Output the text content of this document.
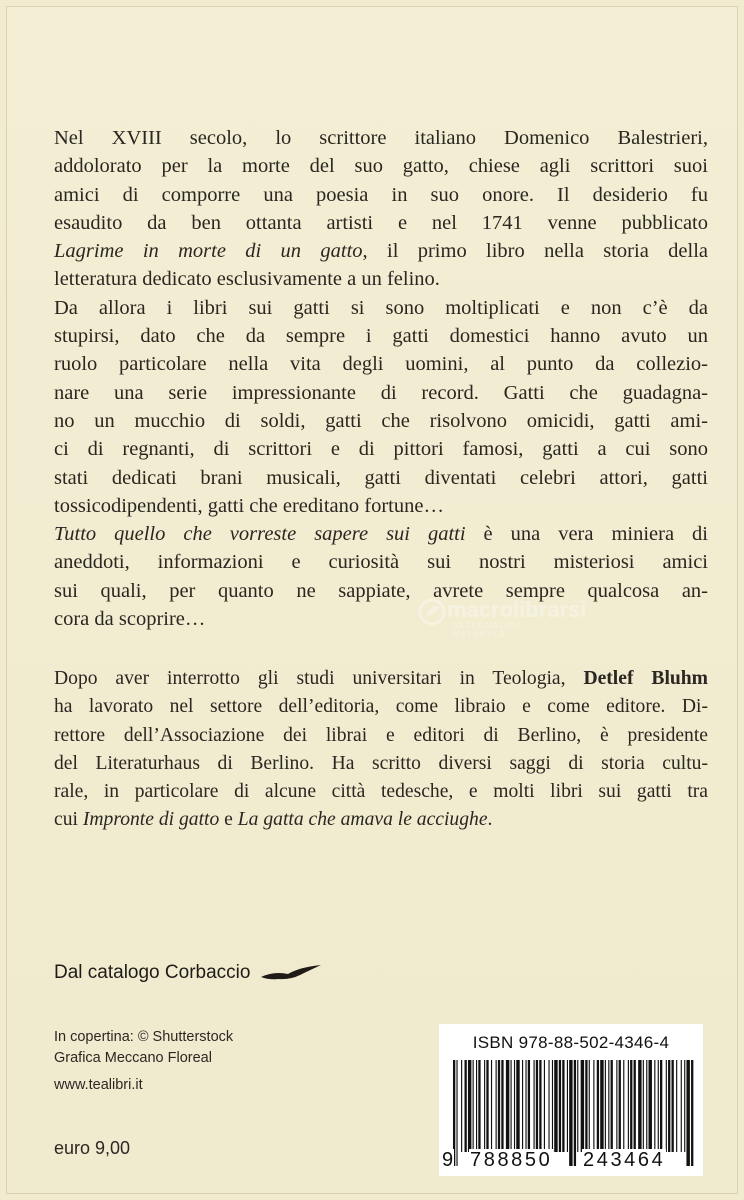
Nel XVIII secolo, lo scrittore italiano Domenico Balestrieri,
addolorato per la morte del suo gatto, chiese agli scrittori suoi
amici di comporre una poesia in suo onore. Il desiderio fu
esaudito da ben ottanta artisti e nel 1741 venne pubblicato
Lagrime in morte di un gatto, il primo libro nella storia della
letteratura dedicato esclusivamente a un felino.
Da allora i libri sui gatti si sono moltiplicati e non c’è da
stupirsi, dato che da sempre i gatti domestici hanno avuto un
ruolo particolare nella vita degli uomini, al punto da collezio-
nare una serie impressionante di record. Gatti che guadagna-
no un mucchio di soldi, gatti che risolvono omicidi, gatti ami-
ci di regnanti, di scrittori e di pittori famosi, gatti a cui sono
stati dedicati brani musicali, gatti diventati celebri attori, gatti
tossicodipendenti, gatti che ereditano fortune…
Tutto quello che vorreste sapere sui gatti è una vera miniera di
aneddoti, informazioni e curiosità sui nostri misteriosi amici
sui quali, per quanto ne sappiate, avrete sempre qualcosa an-
cora da scoprire…	macrolibrarsi
ALTERNATIVA NATURALE
Dopo aver interrotto gli studi universitari in Teologia, Detlef Bluhm
ha lavorato nel settore dell’editoria, come libraio e come editore. Di-
rettore dell’Associazione dei librai e editori di Berlino, è presidente
del Literaturhaus di Berlino. Ha scritto diversi saggi di storia cultu-
rale, in particolare di alcune città tedesche, e molti libri sui gatti tra
cui Impronte di gatto e La gatta che amava le acciughe.
Dal catalogo Corbaccio
In copertina: © Shutterstock
Grafica Meccano Floreal
www.tealibri.it
euro 9,00
ISBN 978-88-502-4346-4
9 788850 243464
